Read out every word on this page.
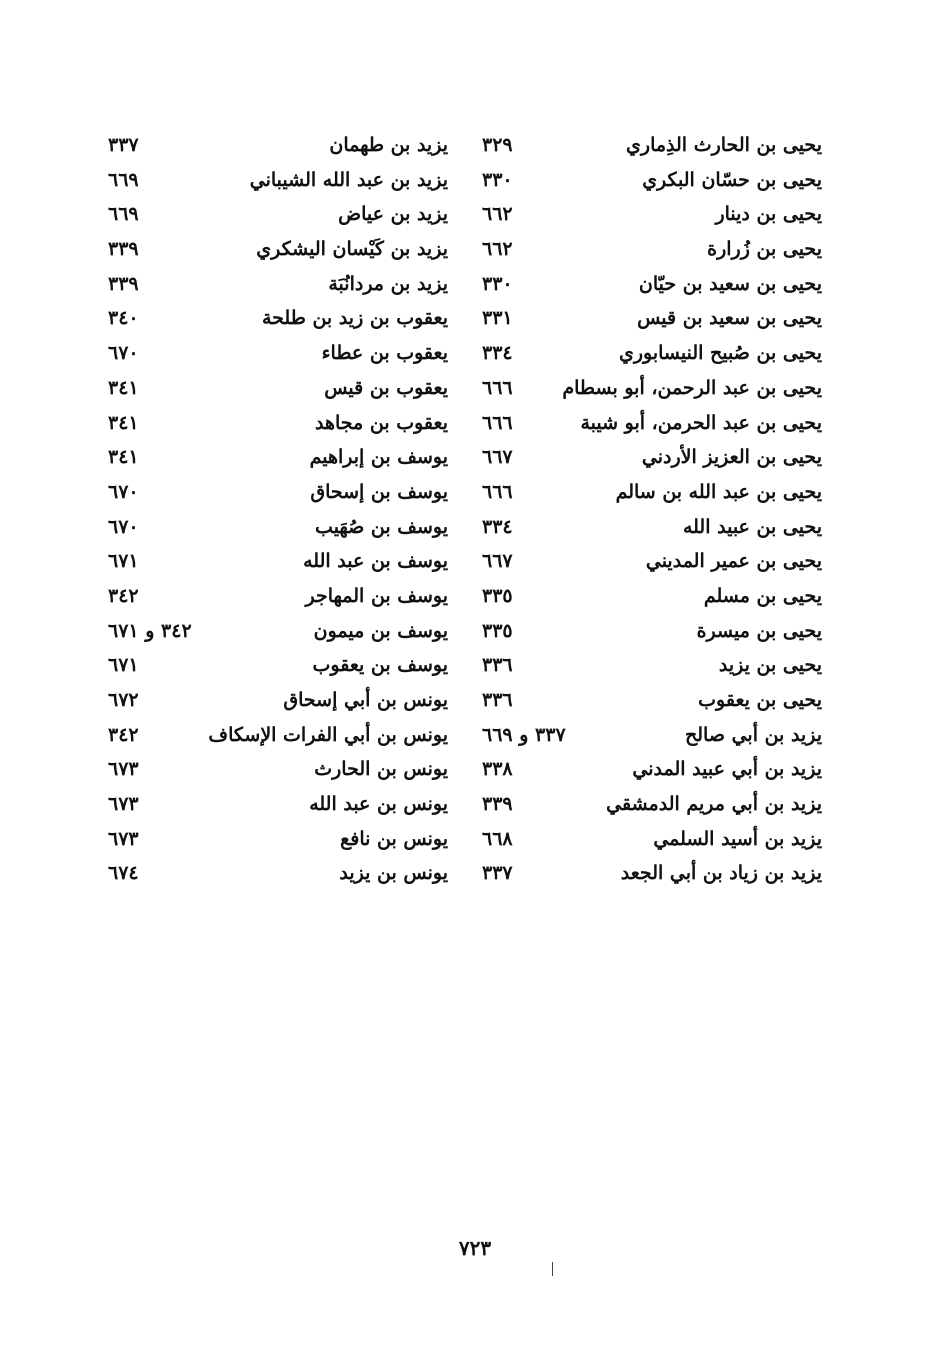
يحيى بن الحارث الذِماري
٣٢٩
يحيى بن حسّان البكري
٣٣٠
يحيى بن دينار
٦٦٢
يحيى بن زُرارة
٦٦٢
يحيى بن سعيد بن حيّان
٣٣٠
يحيى بن سعيد بن قيس
٣٣١
يحيى بن صُبيح النيسابوري
٣٣٤
يحيى بن عبد الرحمن، أبو بسطام
٦٦٦
يحيى بن عبد الحرمن، أبو شيبة
٦٦٦
يحيى بن العزيز الأردني
٦٦٧
يحيى بن عبد الله بن سالم
٦٦٦
يحيى بن عبيد الله
٣٣٤
يحيى بن عمير المديني
٦٦٧
يحيى بن مسلم
٣٣٥
يحيى بن ميسرة
٣٣٥
يحيى بن يزيد
٣٣٦
يحيى بن يعقوب
٣٣٦
يزيد بن أبي صالح
٣٣٧ و ٦٦٩
يزيد بن أبي عبيد المدني
٣٣٨
يزيد بن أبي مريم الدمشقي
٣٣٩
يزيد بن أسيد السلمي
٦٦٨
يزيد بن زياد بن أبي الجعد
٣٣٧
يزيد بن طهمان
٣٣٧
يزيد بن عبد الله الشيباني
٦٦٩
يزيد بن عياض
٦٦٩
يزيد بن كَيْسان اليشكري
٣٣٩
يزيد بن مردانُبَة
٣٣٩
يعقوب بن زيد بن طلحة
٣٤٠
يعقوب بن عطاء
٦٧٠
يعقوب بن قيس
٣٤١
يعقوب بن مجاهد
٣٤١
يوسف بن إبراهيم
٣٤١
يوسف بن إسحاق
٦٧٠
يوسف بن صُهَيب
٦٧٠
يوسف بن عبد الله
٦٧١
يوسف بن المهاجر
٣٤٢
يوسف بن ميمون
٣٤٢ و ٦٧١
يوسف بن يعقوب
٦٧١
يونس بن أبي إسحاق
٦٧٢
يونس بن أبي الفرات الإسكاف
٣٤٢
يونس بن الحارث
٦٧٣
يونس بن عبد الله
٦٧٣
يونس بن نافع
٦٧٣
يونس بن يزيد
٦٧٤
٧٢٣
